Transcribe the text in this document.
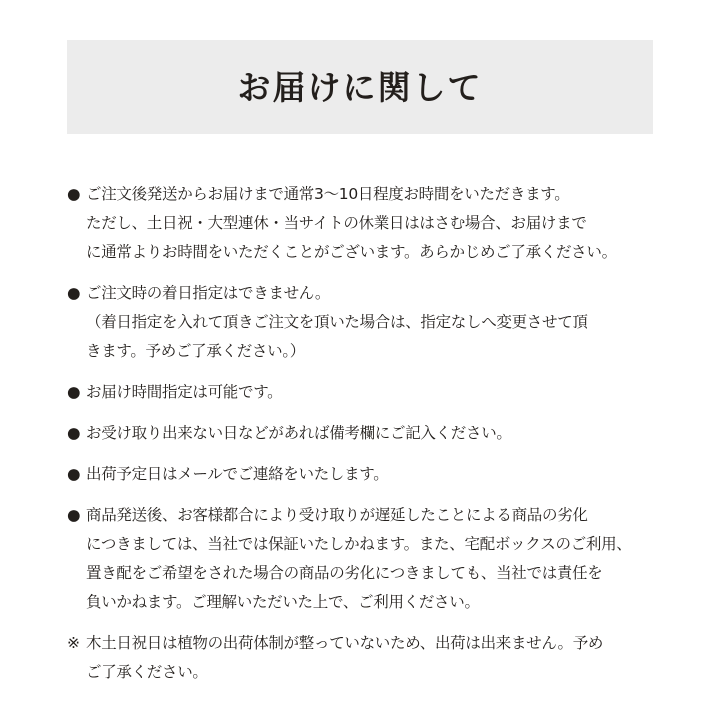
お届けに関して
● ご注文後発送からお届けまで通常3〜10日程度お時間をいただきます。
ただし、土日祝・大型連休・当サイトの休業日ははさむ場合、お届けまで
に通常よりお時間をいただくことがございます。あらかじめご了承ください。
● ご注文時の着日指定はできません。
（着日指定を入れて頂きご注文を頂いた場合は、指定なしへ変更させて頂
きます。予めご了承ください。）
● お届け時間指定は可能です。
● お受け取り出来ない日などがあれば備考欄にご記入ください。
● 出荷予定日はメールでご連絡をいたします。
● 商品発送後、お客様都合により受け取りが遅延したことによる商品の劣化
につきましては、当社では保証いたしかねます。また、宅配ボックスのご利用、
置き配をご希望をされた場合の商品の劣化につきましても、当社では責任を
負いかねます。ご理解いただいた上で、ご利用ください。
※ 木土日祝日は植物の出荷体制が整っていないため、出荷は出来ません。予め
ご了承ください。
